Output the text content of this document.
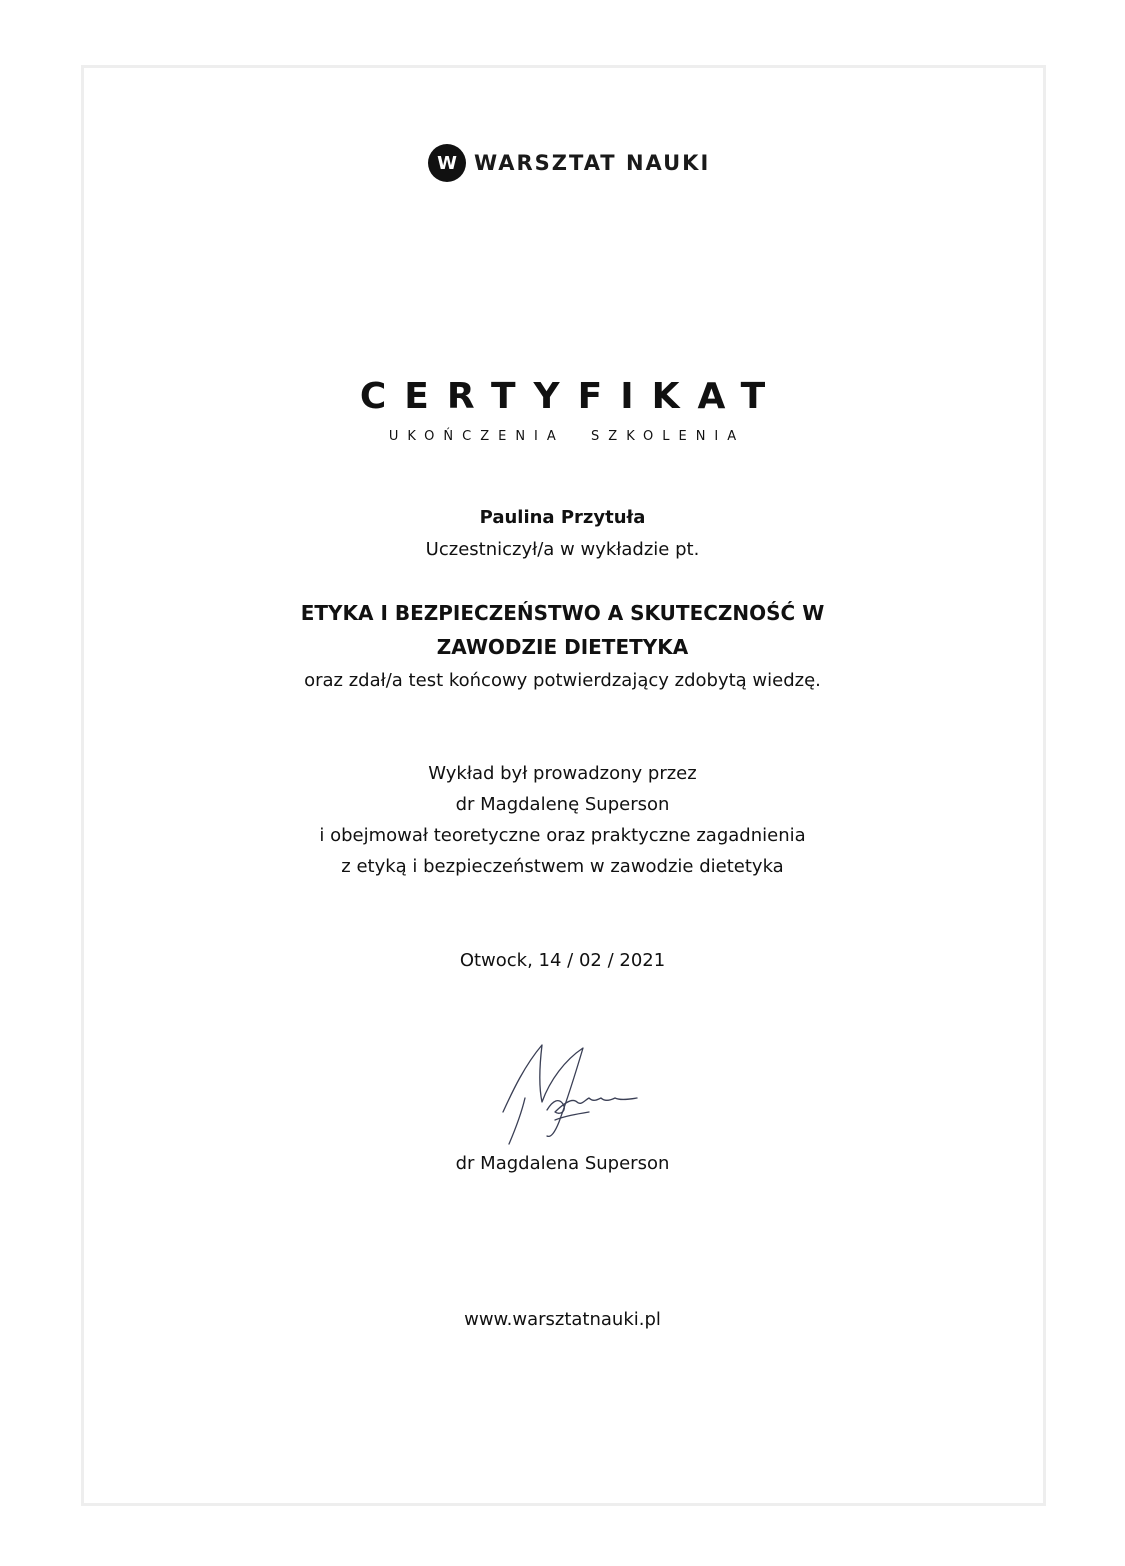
W WARSZTAT NAUKI
CERTYFIKAT
UKOŃCZENIA  SZKOLENIA
Paulina Przytuła
Uczestniczył/a w wykładzie pt.
ETYKA I BEZPIECZEŃSTWO A SKUTECZNOŚĆ W
ZAWODZIE DIETETYKA
oraz zdał/a test końcowy potwierdzający zdobytą wiedzę.
Wykład był prowadzony przez
dr Magdalenę Superson
i obejmował teoretyczne oraz praktyczne zagadnienia
z etyką i bezpieczeństwem w zawodzie dietetyka
Otwock, 14 / 02 / 2021
dr Magdalena Superson
www.warsztatnauki.pl
